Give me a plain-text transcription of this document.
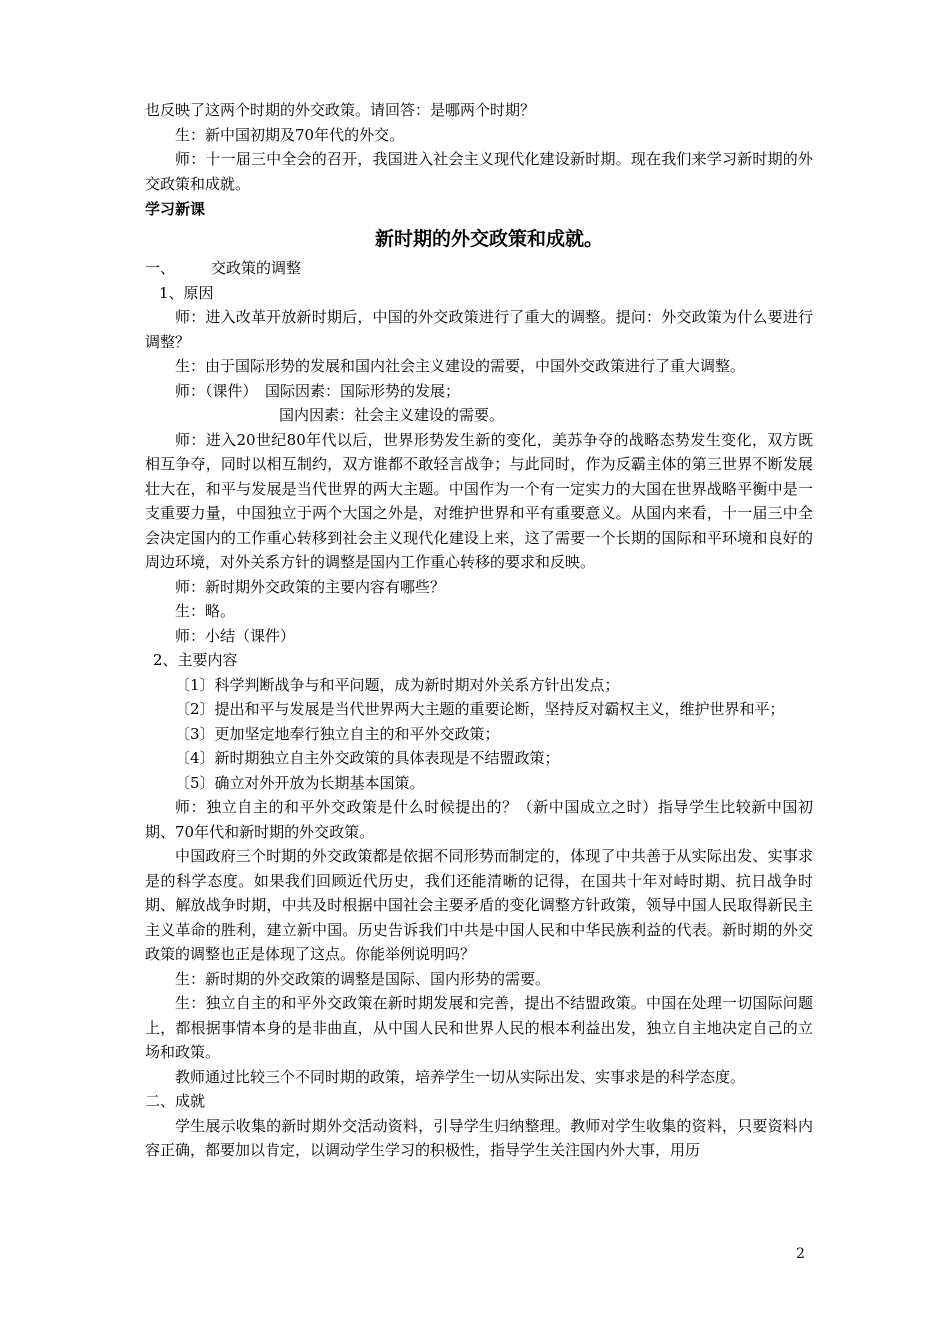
也反映了这两个时期的外交政策。请回答：是哪两个时期？

生：新中国初期及70年代的外交。

师：十一届三中全会的召开，我国进入社会主义现代化建设新时期。现在我们来学习新时期的外交政策和成就。

学习新课

新时期的外交政策和成就。

一、	交政策的调整

1、原因

师：进入改革开放新时期后，中国的外交政策进行了重大的调整。提问：外交政策为什么要进行调整？

生：由于国际形势的发展和国内社会主义建设的需要，中国外交政策进行了重大调整。

师：（课件）　国际因素：国际形势的发展；

国内因素：社会主义建设的需要。

师：进入20世纪80年代以后，世界形势发生新的变化，美苏争夺的战略态势发生变化，双方既相互争夺，同时以相互制约，双方谁都不敢轻言战争；与此同时，作为反霸主体的第三世界不断发展壮大在，和平与发展是当代世界的两大主题。中国作为一个有一定实力的大国在世界战略平衡中是一支重要力量，中国独立于两个大国之外是，对维护世界和平有重要意义。从国内来看，十一届三中全会决定国内的工作重心转移到社会主义现代化建设上来，这了需要一个长期的国际和平环境和良好的周边环境，对外关系方针的调整是国内工作重心转移的要求和反映。

师：新时期外交政策的主要内容有哪些？

生：略。

师：小结（课件）

2、主要内容

〔1〕科学判断战争与和平问题，成为新时期对外关系方针出发点；

〔2〕提出和平与发展是当代世界两大主题的重要论断，坚持反对霸权主义，维护世界和平；

〔3〕更加坚定地奉行独立自主的和平外交政策；

〔4〕新时期独立自主外交政策的具体表现是不结盟政策；

〔5〕确立对外开放为长期基本国策。

师：独立自主的和平外交政策是什么时候提出的？（新中国成立之时）指导学生比较新中国初期、70年代和新时期的外交政策。

中国政府三个时期的外交政策都是依据不同形势而制定的，体现了中共善于从实际出发、实事求是的科学态度。如果我们回顾近代历史，我们还能清晰的记得，在国共十年对峙时期、抗日战争时期、解放战争时期，中共及时根据中国社会主要矛盾的变化调整方针政策，领导中国人民取得新民主主义革命的胜利，建立新中国。历史告诉我们中共是中国人民和中华民族利益的代表。新时期的外交政策的调整也正是体现了这点。你能举例说明吗？

生：新时期的外交政策的调整是国际、国内形势的需要。

生：独立自主的和平外交政策在新时期发展和完善，提出不结盟政策。中国在处理一切国际问题上，都根据事情本身的是非曲直，从中国人民和世界人民的根本利益出发，独立自主地决定自己的立场和政策。

教师通过比较三个不同时期的政策，培养学生一切从实际出发、实事求是的科学态度。

二、成就

学生展示收集的新时期外交活动资料，引导学生归纳整理。教师对学生收集的资料，只要资料内容正确，都要加以肯定，以调动学生学习的积极性，指导学生关注国内外大事，用历

2
